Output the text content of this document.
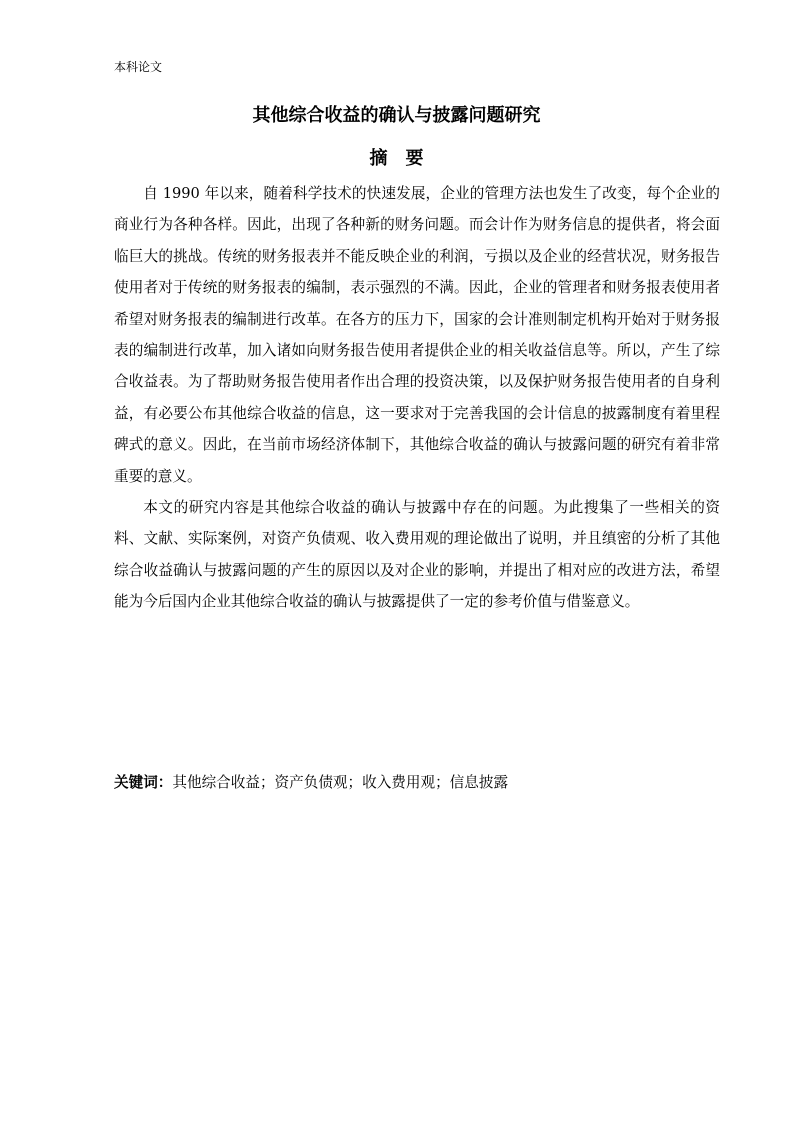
本科论文
其他综合收益的确认与披露问题研究
摘要

自 1990 年以来，随着科学技术的快速发展，企业的管理方法也发生了改变，每个企业的商业行为各种各样。因此，出现了各种新的财务问题。而会计作为财务信息的提供者，将会面临巨大的挑战。传统的财务报表并不能反映企业的利润，亏损以及企业的经营状况，财务报告使用者对于传统的财务报表的编制，表示强烈的不满。因此，企业的管理者和财务报表使用者希望对财务报表的编制进行改革。在各方的压力下，国家的会计准则制定机构开始对于财务报表的编制进行改革，加入诸如向财务报告使用者提供企业的相关收益信息等。所以，产生了综合收益表。为了帮助财务报告使用者作出合理的投资决策，以及保护财务报告使用者的自身利益，有必要公布其他综合收益的信息，这一要求对于完善我国的会计信息的披露制度有着里程碑式的意义。因此，在当前市场经济体制下，其他综合收益的确认与披露问题的研究有着非常重要的意义。

本文的研究内容是其他综合收益的确认与披露中存在的问题。为此搜集了一些相关的资料、文献、实际案例，对资产负债观、收入费用观的理论做出了说明，并且缜密的分析了其他综合收益确认与披露问题的产生的原因以及对企业的影响，并提出了相对应的改进方法，希望能为今后国内企业其他综合收益的确认与披露提供了一定的参考价值与借鉴意义。

关键词：其他综合收益；资产负债观；收入费用观；信息披露
